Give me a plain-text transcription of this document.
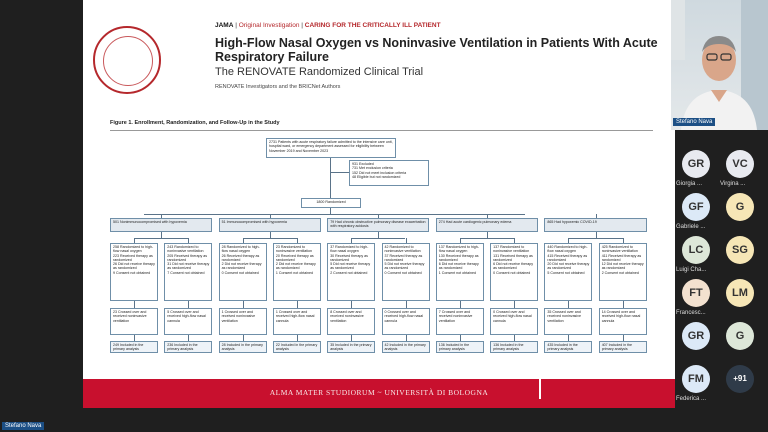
JAMA | Original Investigation | CARING FOR THE CRITICALLY ILL PATIENT
High-Flow Nasal Oxygen vs Noninvasive Ventilation in Patients With Acute Respiratory Failure
The RENOVATE Randomized Clinical Trial
RENOVATE Investigators and the BRICNet Authors
Figure 1. Enrollment, Randomization, and Follow-Up in the Study
2731 Patients with acute respiratory failure admitted to the intensive care unit, hospital ward, or emergency department assessed for eligibility between November 2019 and November 2023
931 Excluded
731 Met exclusion criteria
152 Did not meet inclusion criteria
48 Eligible but not randomized
1800 Randomized
501 Nonimmunocompromised with hypoxemia	51 Immunocompromised with hypoxemia	79 Had chronic obstructive pulmonary disease exacerbation with respiratory acidosis
274 Had acute cardiogenic pulmonary edema	865 Had hypoxemic COVID-19
258 Randomized to high-flow nasal oxygen
223 Received therapy as randomized
26 Did not receive therapy as randomized
9 Consent not obtained
23 Crossed over and received noninvasive ventilation
249 Included in the primary analysis
243 Randomized to noninvasive ventilation
205 Received therapy as randomized
31 Did not receive therapy as randomized
7 Consent not obtained
5 Crossed over and received high-flow nasal cannula
236 Included in the primary analysis
28 Randomized to high-flow nasal oxygen
26 Received therapy as randomized
2 Did not receive therapy as randomized
0 Consent not obtained
1 Crossed over and received noninvasive ventilation
28 Included in the primary analysis
23 Randomized to noninvasive ventilation
20 Received therapy as randomized
2 Did not receive therapy as randomized
1 Consent not obtained
1 Crossed over and received high-flow nasal cannula
22 Included in the primary analysis
37 Randomized to high-flow nasal oxygen
30 Received therapy as randomized
5 Did not receive therapy as randomized
2 Consent not obtained
8 Crossed over and received noninvasive ventilation
35 Included in the primary analysis
42 Randomized to noninvasive ventilation
37 Received therapy as randomized
5 Did not receive therapy as randomized
0 Consent not obtained
0 Crossed over and received high-flow nasal cannula
42 Included in the primary analysis
137 Randomized to high-flow nasal oxygen
130 Received therapy as randomized
6 Did not receive therapy as randomized
1 Consent not obtained
7 Crossed over and received noninvasive ventilation
136 Included in the primary analysis
137 Randomized to noninvasive ventilation
131 Received therapy as randomized
6 Did not receive therapy as randomized
0 Consent not obtained
0 Crossed over and received high-flow nasal cannula
136 Included in the primary analysis
440 Randomized to high-flow nasal oxygen
415 Received therapy as randomized
20 Did not receive therapy as randomized
5 Consent not obtained
35 Crossed over and received noninvasive ventilation
435 Included in the primary analysis
425 Randomized to noninvasive ventilation
411 Received therapy as randomized
12 Did not receive therapy as randomized
2 Consent not obtained
14 Crossed over and received high-flow nasal cannula
407 Included in the primary analysis
ALMA MATER STUDIORUM ~ UNIVERSITÀ DI BOLOGNA
Stefano Nava
Stefano Nava
GR
Giorgia ...
VC
Virgina ...
GF
Gabriele ...
G
LC
Luigi Cha...
SG
FT
Francesc...
LM
GR	G
FM
Federica ...
+91
